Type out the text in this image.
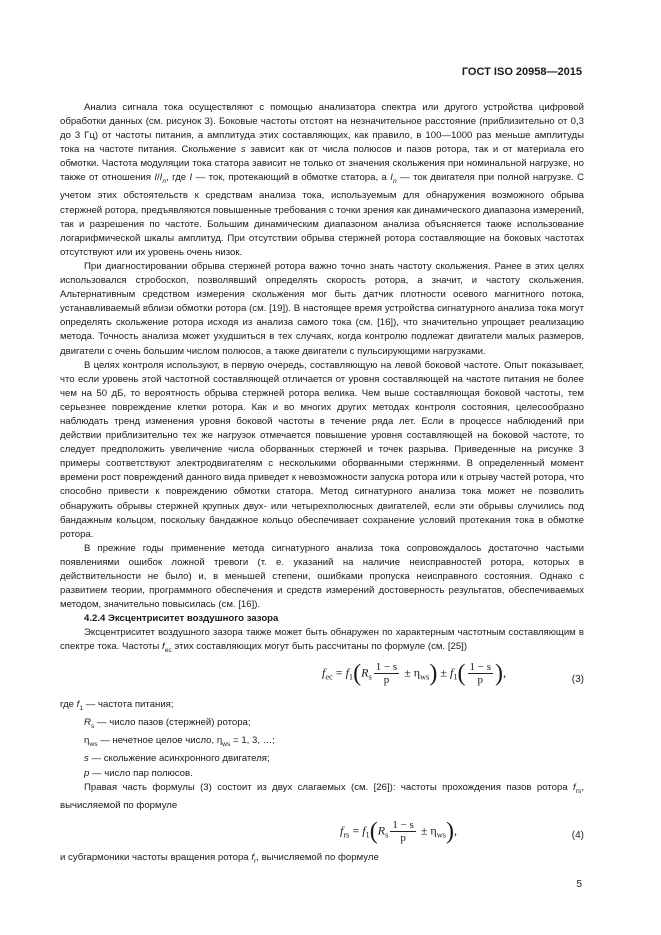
ГОСТ ISO 20958—2015

Анализ сигнала тока осуществляют с помощью анализатора спектра или другого устройства цифровой обработки данных (см. рисунок 3). Боковые частоты отстоят на незначительное расстояние (приблизительно от 0,3 до 3 Гц) от частоты питания, а амплитуда этих составляющих, как правило, в 100—1000 раз меньше амплитуды тока на частоте питания. Скольжение s зависит как от числа полюсов и пазов ротора, так и от материала его обмотки. Частота модуляции тока статора зависит не только от значения скольжения при номинальной нагрузке, но также от отношения $I/I_n$, где I — ток, протекающий в обмотке статора, а $I_n$ — ток двигателя при полной нагрузке. С учетом этих обстоятельств к средствам анализа тока, используемым для обнаружения возможного обрыва стержней ротора, предъявляются повышенные требования с точки зрения как динамического диапазона измерений, так и разрешения по частоте. Большим динамическим диапазоном анализа объясняется также использование логарифмической шкалы амплитуд. При отсутствии обрыва стержней ротора составляющие на боковых частотах отсутствуют или их уровень очень низок.

При диагностировании обрыва стержней ротора важно точно знать частоту скольжения. Ранее в этих целях использовался стробоскоп, позволявший определять скорость ротора, а значит, и частоту скольжения. Альтернативным средством измерения скольжения мог быть датчик плотности осевого магнитного потока, устанавливаемый вблизи обмотки ротора (см. [19]). В настоящее время устройства сигнатурного анализа тока могут определять скольжение ротора исходя из анализа самого тока (см. [16]), что значительно упрощает реализацию метода. Точность анализа может ухудшиться в тех случаях, когда контролю подлежат двигатели малых размеров, двигатели с очень большим числом полюсов, а также двигатели с пульсирующими нагрузками.

В целях контроля используют, в первую очередь, составляющую на левой боковой частоте. Опыт показывает, что если уровень этой частотной составляющей отличается от уровня составляющей на частоте питания не более чем на 50 дБ, то вероятность обрыва стержней ротора велика. Чем выше составляющая боковой частоты, тем серьезнее повреждение клетки ротора. Как и во многих других методах контроля состояния, целесообразно наблюдать тренд изменения уровня боковой частоты в течение ряда лет. Если в процессе наблюдений при действии приблизительно тех же нагрузок отмечается повышение уровня составляющей на боковой частоте, то следует предположить увеличение числа оборванных стержней и точек разрыва. Приведенные на рисунке 3 примеры соответствуют электродвигателям с несколькими оборванными стержнями. В определенный момент времени рост повреждений данного вида приведет к невозможности запуска ротора или к отрыву частей ротора, что способно привести к повреждению обмотки статора. Метод сигнатурного анализа тока может не позволить обнаружить обрывы стержней крупных двух- или четырехполюсных двигателей, если эти обрывы случились под бандажным кольцом, поскольку бандажное кольцо обеспечивает сохранение условий протекания тока в обмотке ротора.

В прежние годы применение метода сигнатурного анализа тока сопровождалось достаточно частыми появлениями ошибок ложной тревоги (т. е. указаний на наличие неисправностей ротора, которых в действительности не было) и, в меньшей степени, ошибками пропуска неисправного состояния. Однако с развитием теории, программного обеспечения и средств измерений достоверность результатов, обеспечиваемых методом, значительно повысилась (см. [16]).

4.2.4 Эксцентриситет воздушного зазора

Эксцентриситет воздушного зазора также может быть обнаружен по характерным частотным составляющим в спектре тока. Частоты $f_{ec}$ этих составляющих могут быть рассчитаны по формуле (см. [25])

$f_{ec} = f_1(R_s \frac{1 - s}{p} \pm \eta_{ws}) \pm f_1( \frac{1 - s}{p}$ ),
(3)
где $f_1$ — частота питания;
$R_s$ — число пазов (стержней) ротора;
$\eta_{ws}$ — нечетное целое число, $\eta_{ws} = 1$, 3, …;
s — скольжение асинхронного двигателя;
p — число пар полюсов.

Правая часть формулы (3) состоит из двух слагаемых (см. [26]): частоты прохождения пазов ротора $f_{rs}$, вычисляемой по формуле

$f_{rs} = f_1(R_s \frac{1 - s}{p} \pm \eta_{ws})$,	(4)
и субгармоники частоты вращения ротора $f_r$, вычисляемой по формуле
5
